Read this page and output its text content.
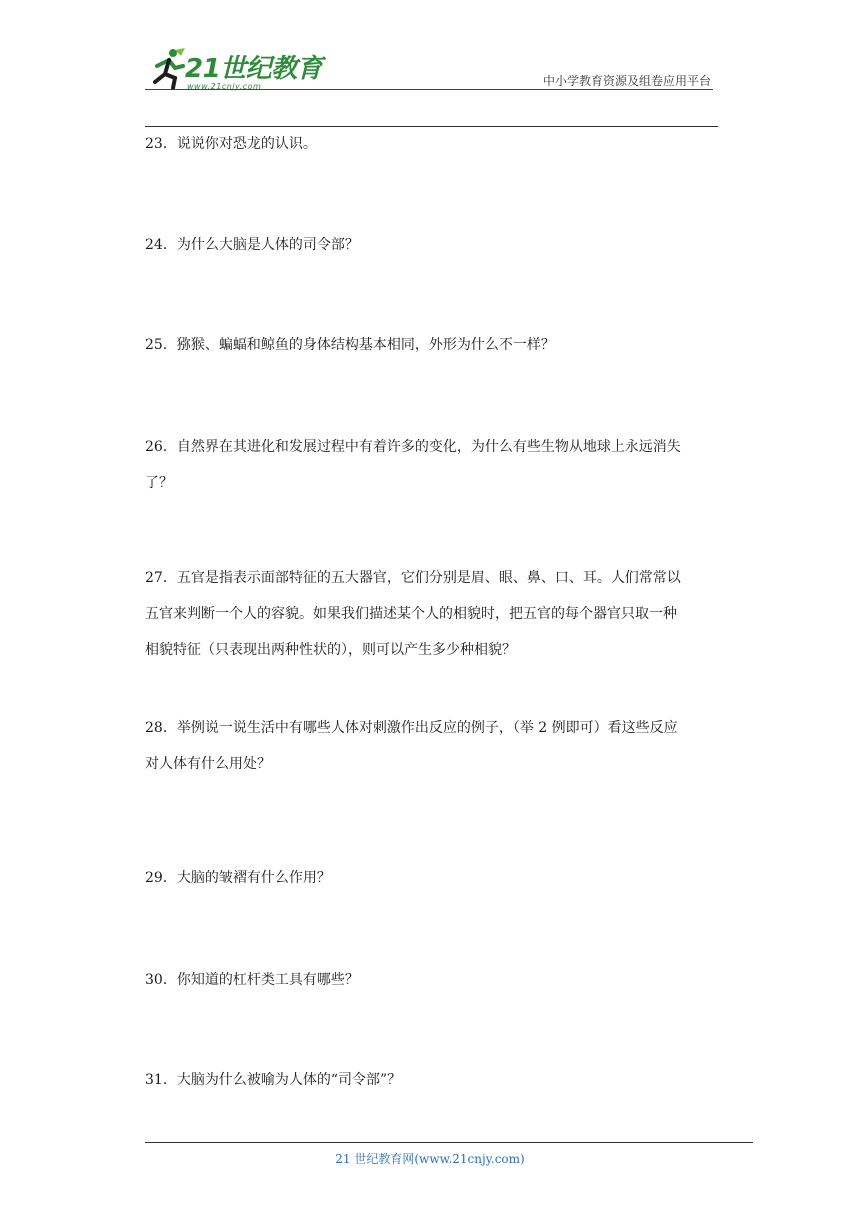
21世纪教育
www.21cnjy.com	中小学教育资源及组卷应用平台
23．说说你对恐龙的认识。
24．为什么大脑是人体的司令部？
25．猕猴、蝙蝠和鲸鱼的身体结构基本相同，外形为什么不一样？
26．自然界在其进化和发展过程中有着许多的变化，为什么有些生物从地球上永远消失
了？
27．五官是指表示面部特征的五大器官，它们分别是眉、眼、鼻、口、耳。人们常常以
五官来判断一个人的容貌。如果我们描述某个人的相貌时，把五官的每个器官只取一种
相貌特征（只表现出两种性状的），则可以产生多少种相貌？
28．举例说一说生活中有哪些人体对刺激作出反应的例子，（举 2 例即可）看这些反应
对人体有什么用处？
29．大脑的皱褶有什么作用？
30．你知道的杠杆类工具有哪些？
31．大脑为什么被喻为人体的“司令部”？
21 世纪教育网(www.21cnjy.com)
